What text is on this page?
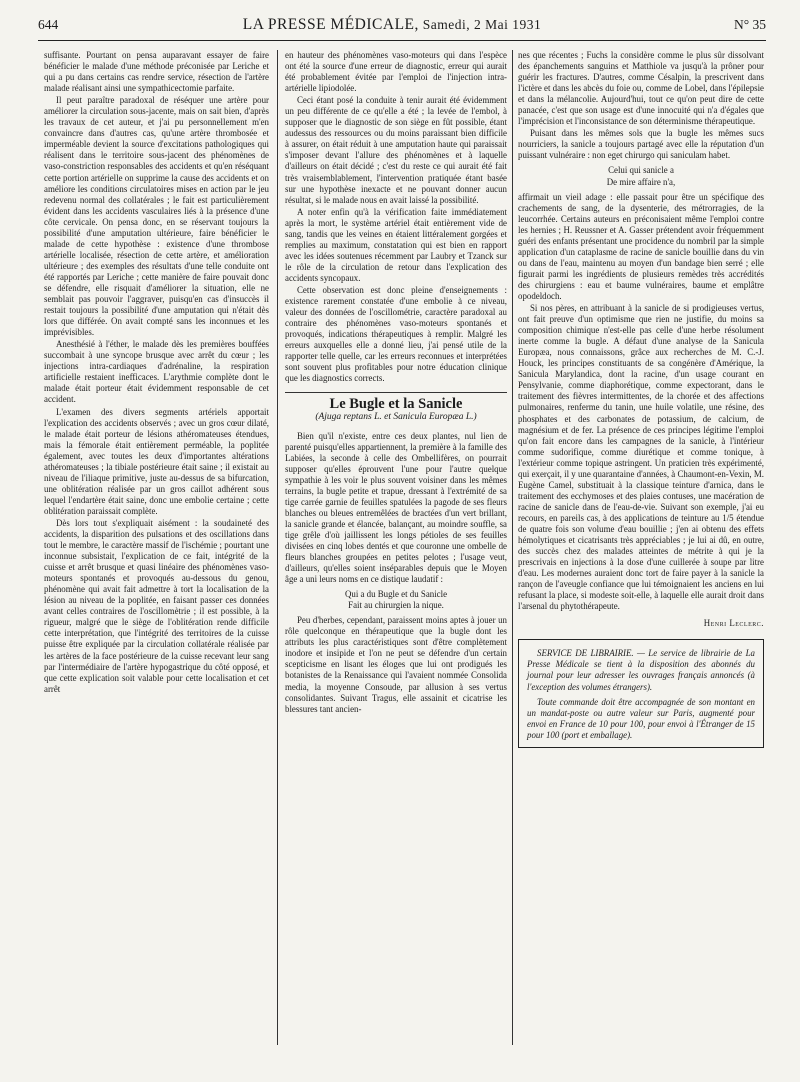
644	LA PRESSE MÉDICALE, Samedi, 2 Mai 1931	N° 35

suffisante. Pourtant on pensa auparavant essayer de faire bénéficier le malade d'une méthode préconisée par Leriche et qui a pu dans certains cas rendre service, résection de l'artère malade réalisant ainsi une sympathicectomie parfaite.

Il peut paraître paradoxal de réséquer une artère pour améliorer la circulation sous-jacente, mais on sait bien, d'après les travaux de cet auteur, et j'ai pu personnellement m'en convaincre dans d'autres cas, qu'une artère thrombosée et imperméable devient la source d'excitations pathologiques qui réalisent dans le territoire sous-jacent des phénomènes de vaso-constriction responsables des accidents et qu'en réséquant cette portion artérielle on supprime la cause des accidents et on améliore les conditions circulatoires mises en action par le jeu redevenu normal des collatérales ; le fait est particulièrement évident dans les accidents vasculaires liés à la présence d'une côte cervicale. On pensa donc, en se réservant toujours la possibilité d'une amputation ultérieure, faire bénéficier le malade de cette hypothèse : existence d'une thrombose artérielle localisée, résection de cette artère, et amélioration ultérieure ; des exemples des résultats d'une telle conduite ont été rapportés par Leriche ; cette manière de faire pouvait donc se défendre, elle risquait d'améliorer la situation, elle ne semblait pas pouvoir l'aggraver, puisqu'en cas d'insuccès il restait toujours la possibilité d'une amputation qui n'était dès lors que différée. On avait compté sans les inconnues et les imprévisibles.

Anesthésié à l'éther, le malade dès les premières bouffées succombait à une syncope brusque avec arrêt du cœur ; les injections intra-cardiaques d'adrénaline, la respiration artificielle restaient inefficaces. L'arythmie complète dont le malade était porteur était évidemment responsable de cet accident.

L'examen des divers segments artériels apportait l'explication des accidents observés ; avec un gros cœur dilaté, le malade était porteur de lésions athéromateuses étendues, mais la fémorale était entièrement perméable, la poplitée également, avec toutes les deux d'importantes altérations athéromateuses ; la tibiale postérieure était saine ; il existait au niveau de l'iliaque primitive, juste au-dessus de sa bifurcation, une oblitération réalisée par un gros caillot adhérent sous lequel l'endartère était saine, donc une embolie certaine ; cette oblitération paraissait complète.

Dès lors tout s'expliquait aisément : la soudaineté des accidents, la disparition des pulsations et des oscillations dans tout le membre, le caractère massif de l'ischémie ; pourtant une inconnue subsistait, l'explication de ce fait, intégrité de la cuisse et arrêt brusque et quasi linéaire des phénomènes vaso-moteurs spontanés et provoqués au-dessous du genou, phénomène qui avait fait admettre à tort la localisation de la lésion au niveau de la poplitée, en faisant passer ces données avant celles contraires de l'oscillomètrie ; il est possible, à la rigueur, malgré que le siège de l'oblitération rende difficile cette interprétation, que l'intégrité des territoires de la cuisse puisse être expliquée par la circulation collatérale réalisée par les artères de la face postérieure de la cuisse recevant leur sang par l'intermédiaire de l'artère hypogastrique du côté opposé, et que cette explication soit valable pour cette localisation et cet arrêt

en hauteur des phénomènes vaso-moteurs qui dans l'espèce ont été la source d'une erreur de diagnostic, erreur qui aurait été probablement évitée par l'emploi de l'injection intra-artérielle lipiodolée.

Ceci étant posé la conduite à tenir aurait été évidemment un peu différente de ce qu'elle a été ; la levée de l'embol, à supposer que le diagnostic de son siège en fût possible, étant audessus des ressources ou du moins paraissant bien difficile à assurer, on était réduit à une amputation haute qui paraissait s'imposer devant l'allure des phénomènes et à laquelle d'ailleurs on était décidé ; c'est du reste ce qui aurait été fait très vraisemblablement, l'intervention pratiquée étant basée sur une hypothèse inexacte et ne pouvant donner aucun résultat, si le malade nous en avait laissé la possibilité.

A noter enfin qu'à la vérification faite immédiatement après la mort, le système artériel était entièrement vide de sang, tandis que les veines en étaient littéralement gorgées et remplies au maximum, constatation qui est bien en rapport avec les idées soutenues récemment par Laubry et Tzanck sur le rôle de la circulation de retour dans l'explication des accidents syncopaux.

Cette observation est donc pleine d'enseignements : existence rarement constatée d'une embolie à ce niveau, valeur des données de l'oscillométrie, caractère paradoxal au contraire des phénomènes vaso-moteurs spontanés et provoqués, indications thérapeutiques à remplir. Malgré les erreurs auxquelles elle a donné lieu, j'ai pensé utile de la rapporter telle quelle, car les erreurs reconnues et interprétées sont souvent plus profitables pour notre éducation clinique que les diagnostics corrects.

Le Bugle et la Sanicle
(Ajuga reptans L. et Sanicula Europæa L.)

Bien qu'il n'existe, entre ces deux plantes, nul lien de parenté puisqu'elles appartiennent, la première à la famille des Labiées, la seconde à celle des Ombellifères, on pourrait supposer qu'elles éprouvent l'une pour l'autre quelque sympathie à les voir le plus souvent voisiner dans les mêmes terrains, la bugle petite et trapue, dressant à l'extrémité de sa tige carrée garnie de feuilles spatulées la pagode de ses fleurs blanches ou bleues entremêlées de bractées d'un vert brillant, la sanicle grande et élancée, balançant, au moindre souffle, sa tige grêle d'où jaillissent les longs pétioles de ses feuilles divisées en cinq lobes dentés et que couronne une ombelle de fleurs blanches groupées en petites pelotes ; l'usage veut, d'ailleurs, qu'elles soient inséparables depuis que le Moyen âge a uni leurs noms en ce distique laudatif :

Qui a du Bugle et du Sanicle
Fait au chirurgien la nique.

Peu d'herbes, cependant, paraissent moins aptes à jouer un rôle quelconque en thérapeutique que la bugle dont les attributs les plus caractéristiques sont d'être complètement inodore et insipide et l'on ne peut se défendre d'un certain scepticisme en lisant les éloges que lui ont prodigués les botanistes de la Renaissance qui l'avaient nommée Consolida media, la moyenne Consoude, par allusion à ses vertus consolidantes. Suivant Tragus, elle assainit et cicatrise les blessures tant ancien-

nes que récentes ; Fuchs la considère comme le plus sûr dissolvant des épanchements sanguins et Matthiole va jusqu'à la prôner pour guérir les fractures. D'autres, comme Césalpin, la prescrivent dans l'ictère et dans les abcès du foie ou, comme de Lobel, dans l'épilepsie et dans la mélancolie. Aujourd'hui, tout ce qu'on peut dire de cette panacée, c'est que son usage est d'une innocuité qui n'a d'égales que l'imprécision et l'inconsistance de son déterminisme thérapeutique.

Puisant dans les mêmes sols que la bugle les mêmes sucs nourriciers, la sanicle a toujours partagé avec elle la réputation d'un puissant vulnéraire : non eget chirurgo qui saniculam habet.

Celui qui sanicle a
De mire affaire n'a,

affirmait un vieil adage : elle passait pour être un spécifique des crachements de sang, de la dysenterie, des métrorragies, de la leucorrhée. Certains auteurs en préconisaient même l'emploi contre les hernies ; H. Reussner et A. Gasser prétendent avoir fréquemment guéri des enfants présentant une procidence du nombril par la simple application d'un cataplasme de racine de sanicle bouillie dans du vin ou dans de l'eau, maintenu au moyen d'un bandage bien serré ; elle figurait parmi les ingrédients de plusieurs remèdes très accrédités des chirurgiens : eau et baume vulnéraires, baume et emplâtre opodeldoch.

Si nos pères, en attribuant à la sanicle de si prodigieuses vertus, ont fait preuve d'un optimisme que rien ne justifie, du moins sa composition chimique n'est-elle pas celle d'une herbe résolument inerte comme la bugle. A défaut d'une analyse de la Sanicula Europæa, nous connaissons, grâce aux recherches de M. C.-J. Houck, les principes constituants de sa congénère d'Amérique, la Sanicula Marylandica, dont la racine, d'un usage courant en Pensylvanie, comme diaphorétique, comme expectorant, dans le traitement des fièvres intermittentes, de la chorée et des affections pulmonaires, renferme du tanin, une huile volatile, une résine, des phosphates et des carbonates de potassium, de calcium, de magnésium et de fer. La présence de ces principes légitime l'emploi qu'on fait encore dans les campagnes de la sanicle, à l'intérieur comme sudorifique, comme diurétique et comme tonique, à l'extérieur comme topique astringent. Un praticien très expérimenté, qui exerçait, il y une quarantaine d'années, à Chaumont-en-Vexin, M. Eugène Camel, substituait à la classique teinture d'arnica, dans le traitement des ecchymoses et des plaies contuses, une macération de racine de sanicle dans de l'eau-de-vie. Suivant son exemple, j'ai eu recours, en pareils cas, à des applications de teinture au 1/5 étendue de quatre fois son volume d'eau bouillie ; j'en ai obtenu des effets hémolytiques et cicatrisants très appréciables ; je lui ai dû, en outre, des succès chez des malades atteintes de métrite à qui je la prescrivais en injections à la dose d'une cuillerée à soupe par litre d'eau. Les modernes auraient donc tort de faire payer à la sanicle la rançon de l'aveugle confiance que lui témoignaient les anciens en lui refusant la place, si modeste soit-elle, à laquelle elle aurait droit dans l'arsenal du phytothérapeute.

Henri Leclerc.

SERVICE DE LIBRAIRIE. — Le service de librairie de La Presse Médicale se tient à la disposition des abonnés du journal pour leur adresser les ouvrages français annoncés (à l'exception des volumes étrangers).

Toute commande doit être accompagnée de son montant en un mandat-poste ou autre valeur sur Paris, augmenté pour envoi en France de 10 pour 100, pour envoi à l'Étranger de 15 pour 100 (port et emballage).
